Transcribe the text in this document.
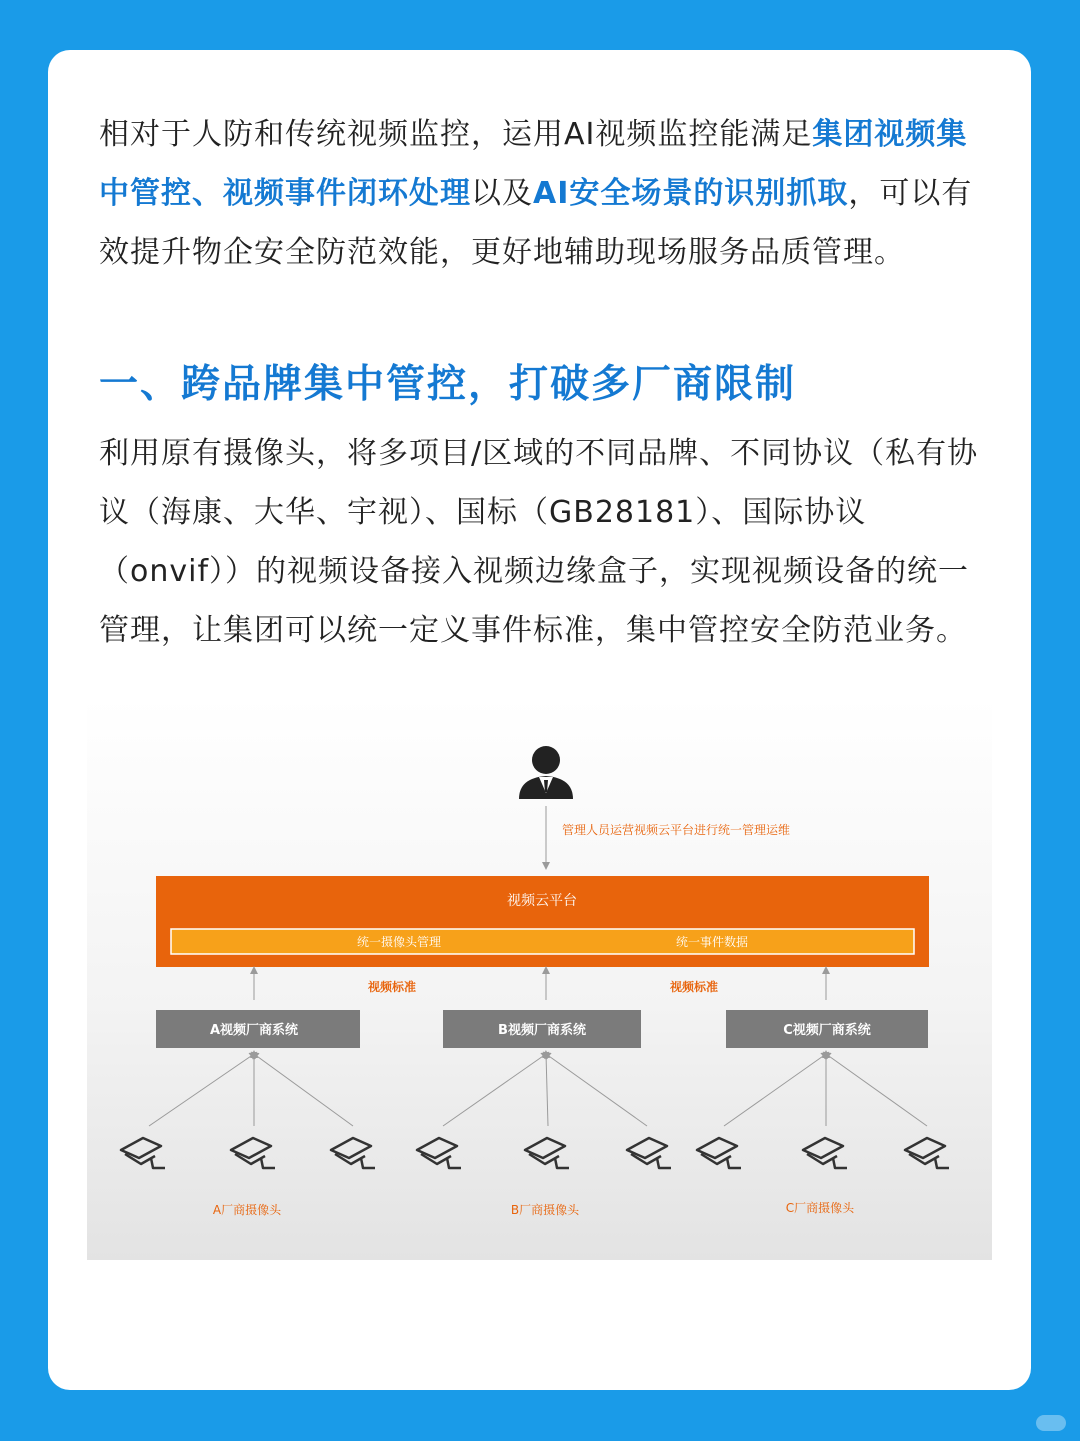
相对于人防和传统视频监控，运用AI视频监控能满足集团视频集中管控、视频事件闭环处理以及AI安全场景的识别抓取，可以有效提升物企安全防范效能，更好地辅助现场服务品质管理。

一、跨品牌集中管控，打破多厂商限制

利用原有摄像头，将多项目/区域的不同品牌、不同协议（私有协议（海康、大华、宇视）、国标（GB28181）、国际协议（onvif））的视频设备接入视频边缘盒子，实现视频设备的统一管理，让集团可以统一定义事件标准，集中管控安全防范业务。

管理人员运营视频云平台进行统一管理运维
视频云平台
统一摄像头管理	统一事件数据
视频标准	视频标准
A视频厂商系统	B视频厂商系统	C视频厂商系统
A厂商摄像头	B厂商摄像头	C厂商摄像头
